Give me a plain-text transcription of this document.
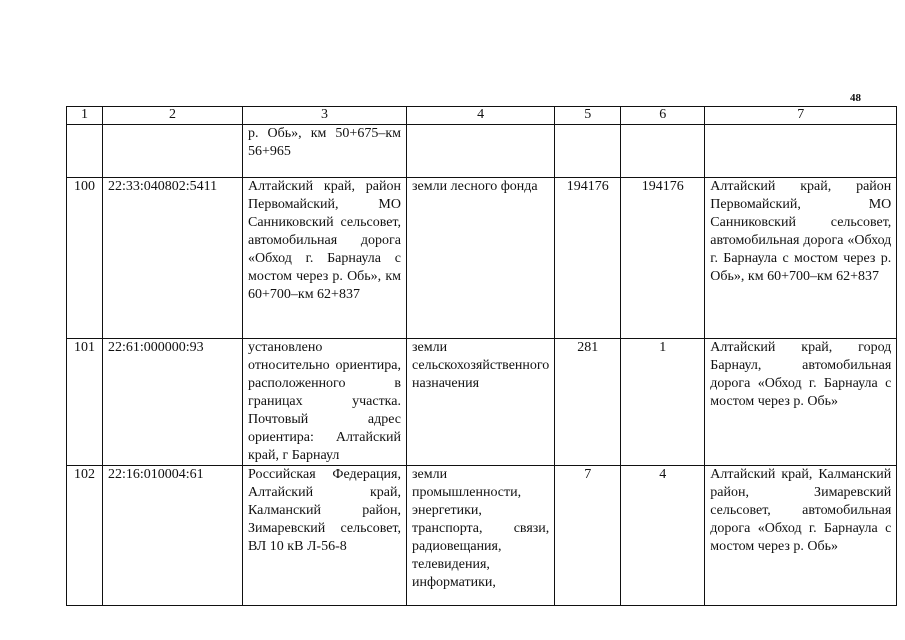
48
1	2	3	4	5	6	7
		р. Обь», км 50+675–км 56+965				
100	22:33:040802:5411	Алтайский край, район Первомайский, МО Санниковский сельсовет, автомобильная дорога «Обход г. Барнаула с мостом через р. Обь», км 60+700–км 62+837	земли лесного фонда	194176	194176	Алтайский край, район Первомайский, МО Санниковский сельсовет, автомобильная дорога «Обход г. Барнаула с мостом через р. Обь», км 60+700–км 62+837
101	22:61:000000:93	установлено относительно ориентира, расположенного в границах участка. Почтовый адрес ориентира: Алтайский край, г Барнаул	земли сельскохозяйственного назначения	281	1	Алтайский край, город Барнаул, автомобильная дорога «Обход г. Барнаула с мостом через р. Обь»
102	22:16:010004:61	Российская Федерация, Алтайский край, Калманский район, Зимаревский сельсовет, ВЛ 10 кВ Л-56-8	земли промышленности, энергетики, транспорта, связи, радиовещания, телевидения, информатики,	7	4	Алтайский край, Калманский район, Зимаревский сельсовет, автомобильная дорога «Обход г. Барнаула с мостом через р. Обь»
